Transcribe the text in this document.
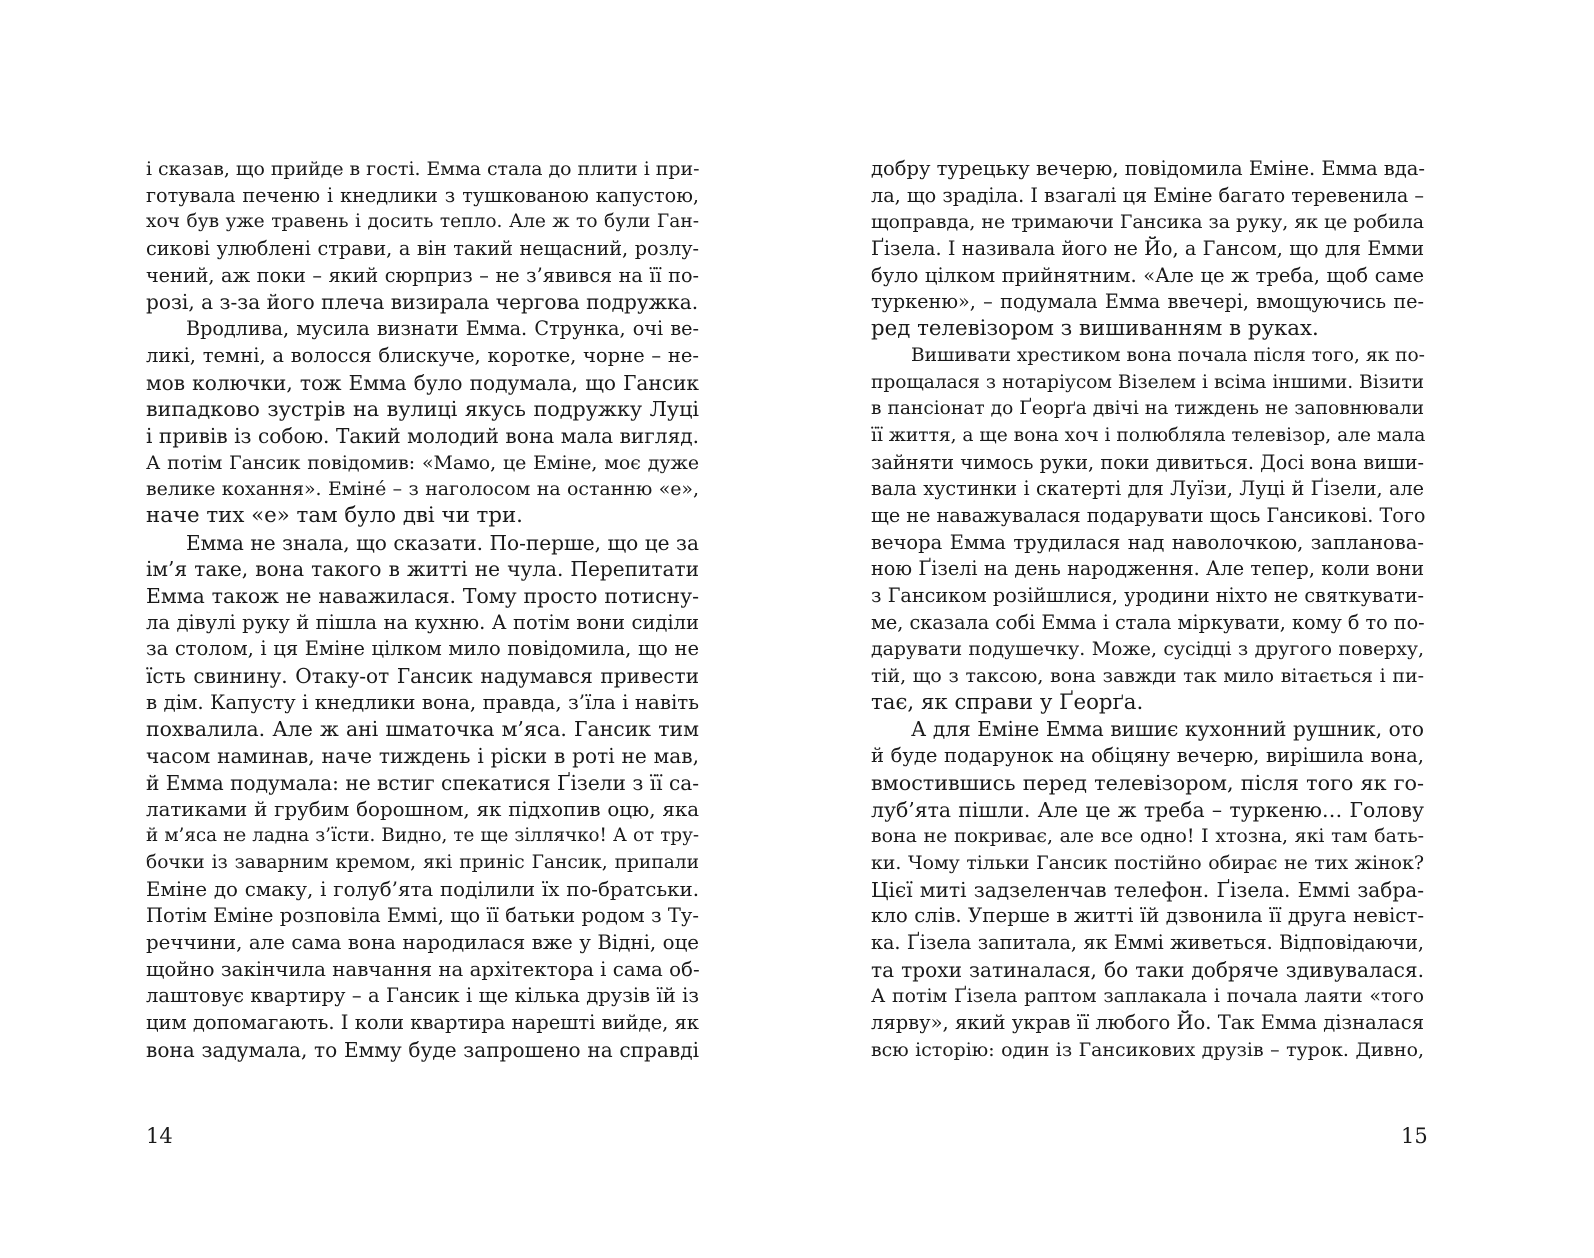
і сказав, що прийде в гості. Емма стала до плити і при-
готувала печеню і кнедлики з тушкованою капустою,
хоч був уже травень і досить тепло. Але ж то були Ган-
сикові улюблені страви, а він такий нещасний, розлу-
чений, аж поки – який сюрприз – не з’явився на її по-
розі, а з-за його плеча визирала чергова подружка.
Вродлива, мусила визнати Емма. Струнка, очі ве-
ликі, темні, а волосся блискуче, коротке, чорне – не-
мов колючки, тож Емма було подумала, що Гансик
випадково зустрів на вулиці якусь подружку Луці
і привів із собою. Такий молодий вона мала вигляд.
А потім Гансик повідомив: «Мамо, це Еміне, моє дуже
велике кохання». Еміне́ – з наголосом на останню «е»,
наче тих «е» там було дві чи три.
Емма не знала, що сказати. По-перше, що це за
ім’я таке, вона такого в житті не чула. Перепитати
Емма також не наважилася. Тому просто потисну-
ла дівулі руку й пішла на кухню. А потім вони сиділи
за столом, і ця Еміне цілком мило повідомила, що не
їсть свинину. Отаку-от Гансик надумався привести
в дім. Капусту і кнедлики вона, правда, з’їла і навіть
похвалила. Але ж ані шматочка м’яса. Гансик тим
часом наминав, наче тиждень і ріски в роті не мав,
й Емма подумала: не встиг спекатися Ґізели з її са-
латиками й грубим борошном, як підхопив оцю, яка
й м’яса не ладна з’їсти. Видно, те ще зіллячко! А от тру-
бочки із заварним кремом, які приніс Гансик, припали
Еміне до смаку, і голуб’ята поділили їх по-братськи.
Потім Еміне розповіла Еммі, що її батьки родом з Ту-
реччини, але сама вона народилася вже у Відні, оце
щойно закінчила навчання на архітектора і сама об-
лаштовує квартиру – а Гансик і ще кілька друзів їй із
цим допомагають. І коли квартира нарешті вийде, як
вона задумала, то Емму буде запрошено на справді
добру турецьку вечерю, повідомила Еміне. Емма вда-
ла, що зраділа. І взагалі ця Еміне багато теревенила –
щоправда, не тримаючи Гансика за руку, як це робила
Ґізела. І називала його не Йо, а Гансом, що для Емми
було цілком прийнятним. «Але це ж треба, щоб саме
туркеню», – подумала Емма ввечері, вмощуючись пе-
ред телевізором з вишиванням в руках.
Вишивати хрестиком вона почала після того, як по-
прощалася з нотаріусом Візелем і всіма іншими. Візити
в пансіонат до Ґеорґа двічі на тиждень не заповнювали
її життя, а ще вона хоч і полюбляла телевізор, але мала
зайняти чимось руки, поки дивиться. Досі вона виши-
вала хустинки і скатерті для Луїзи, Луці й Ґізели, але
ще не наважувалася подарувати щось Гансикові. Того
вечора Емма трудилася над наволочкою, запланова-
ною Ґізелі на день народження. Але тепер, коли вони
з Гансиком розійшлися, уродини ніхто не святкувати-
ме, сказала собі Емма і стала міркувати, кому б то по-
дарувати подушечку. Може, сусідці з другого поверху,
тій, що з таксою, вона завжди так мило вітається і пи-
тає, як справи у Ґеорґа.
А для Еміне Емма вишиє кухонний рушник, ото
й буде подарунок на обіцяну вечерю, вирішила вона,
вмостившись перед телевізором, після того як го-
луб’ята пішли. Але це ж треба – туркеню… Голову
вона не покриває, але все одно! І хтозна, які там бать-
ки. Чому тільки Гансик постійно обирає не тих жінок?
Цієї миті задзеленчав телефон. Ґізела. Еммі забра-
кло слів. Уперше в житті їй дзвонила її друга невіст-
ка. Ґізела запитала, як Еммі живеться. Відповідаючи,
та трохи затиналася, бо таки добряче здивувалася.
А потім Ґізела раптом заплакала і почала лаяти «того
лярву», який украв її любого Йо. Так Емма дізналася
всю історію: один із Гансикових друзів – турок. Дивно,
14	15
